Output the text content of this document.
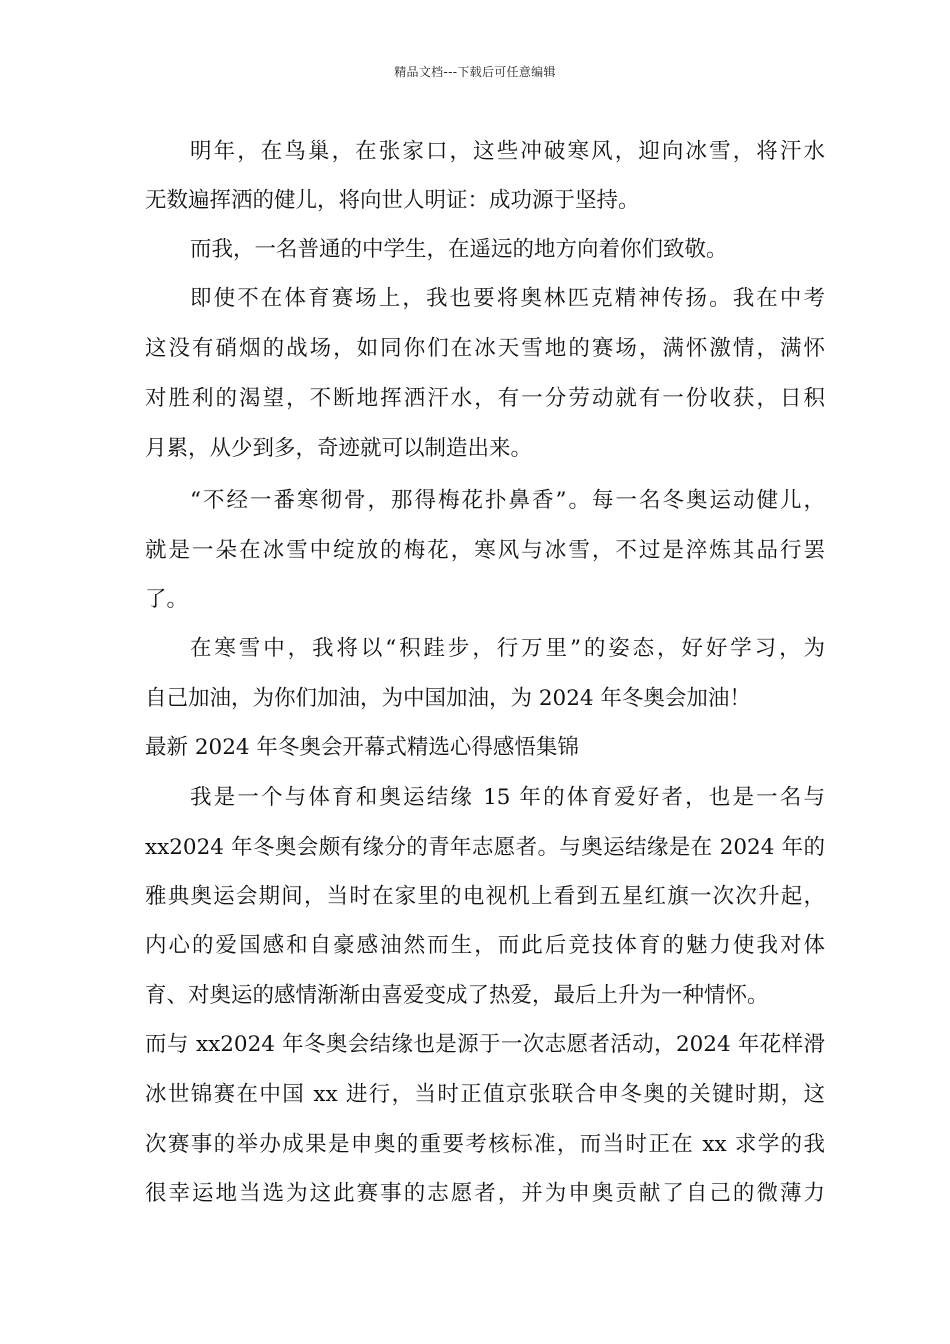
精品文档---下载后可任意编辑
明年，在鸟巢，在张家口，这些冲破寒风，迎向冰雪，将汗水
无数遍挥洒的健儿，将向世人明证：成功源于坚持。
而我，一名普通的中学生，在遥远的地方向着你们致敬。
即使不在体育赛场上，我也要将奥林匹克精神传扬。我在中考
这没有硝烟的战场，如同你们在冰天雪地的赛场，满怀激情，满怀
对胜利的渴望，不断地挥洒汗水，有一分劳动就有一份收获，日积
月累，从少到多，奇迹就可以制造出来。
“不经一番寒彻骨，那得梅花扑鼻香”。每一名冬奥运动健儿，
就是一朵在冰雪中绽放的梅花，寒风与冰雪，不过是淬炼其品行罢
了。
在寒雪中，我将以“积跬步，行万里”的姿态，好好学习，为
自己加油，为你们加油，为中国加油，为 2024 年冬奥会加油！
最新 2024 年冬奥会开幕式精选心得感悟集锦
我是一个与体育和奥运结缘 15 年的体育爱好者，也是一名与
xx2024 年冬奥会颇有缘分的青年志愿者。与奥运结缘是在 2024 年的
雅典奥运会期间，当时在家里的电视机上看到五星红旗一次次升起，
内心的爱国感和自豪感油然而生，而此后竞技体育的魅力使我对体
育、对奥运的感情渐渐由喜爱变成了热爱，最后上升为一种情怀。
而与 xx2024 年冬奥会结缘也是源于一次志愿者活动，2024 年花样滑
冰世锦赛在中国 xx 进行，当时正值京张联合申冬奥的关键时期，这
次赛事的举办成果是申奥的重要考核标准，而当时正在 xx 求学的我
很幸运地当选为这此赛事的志愿者，并为申奥贡献了自己的微薄力
